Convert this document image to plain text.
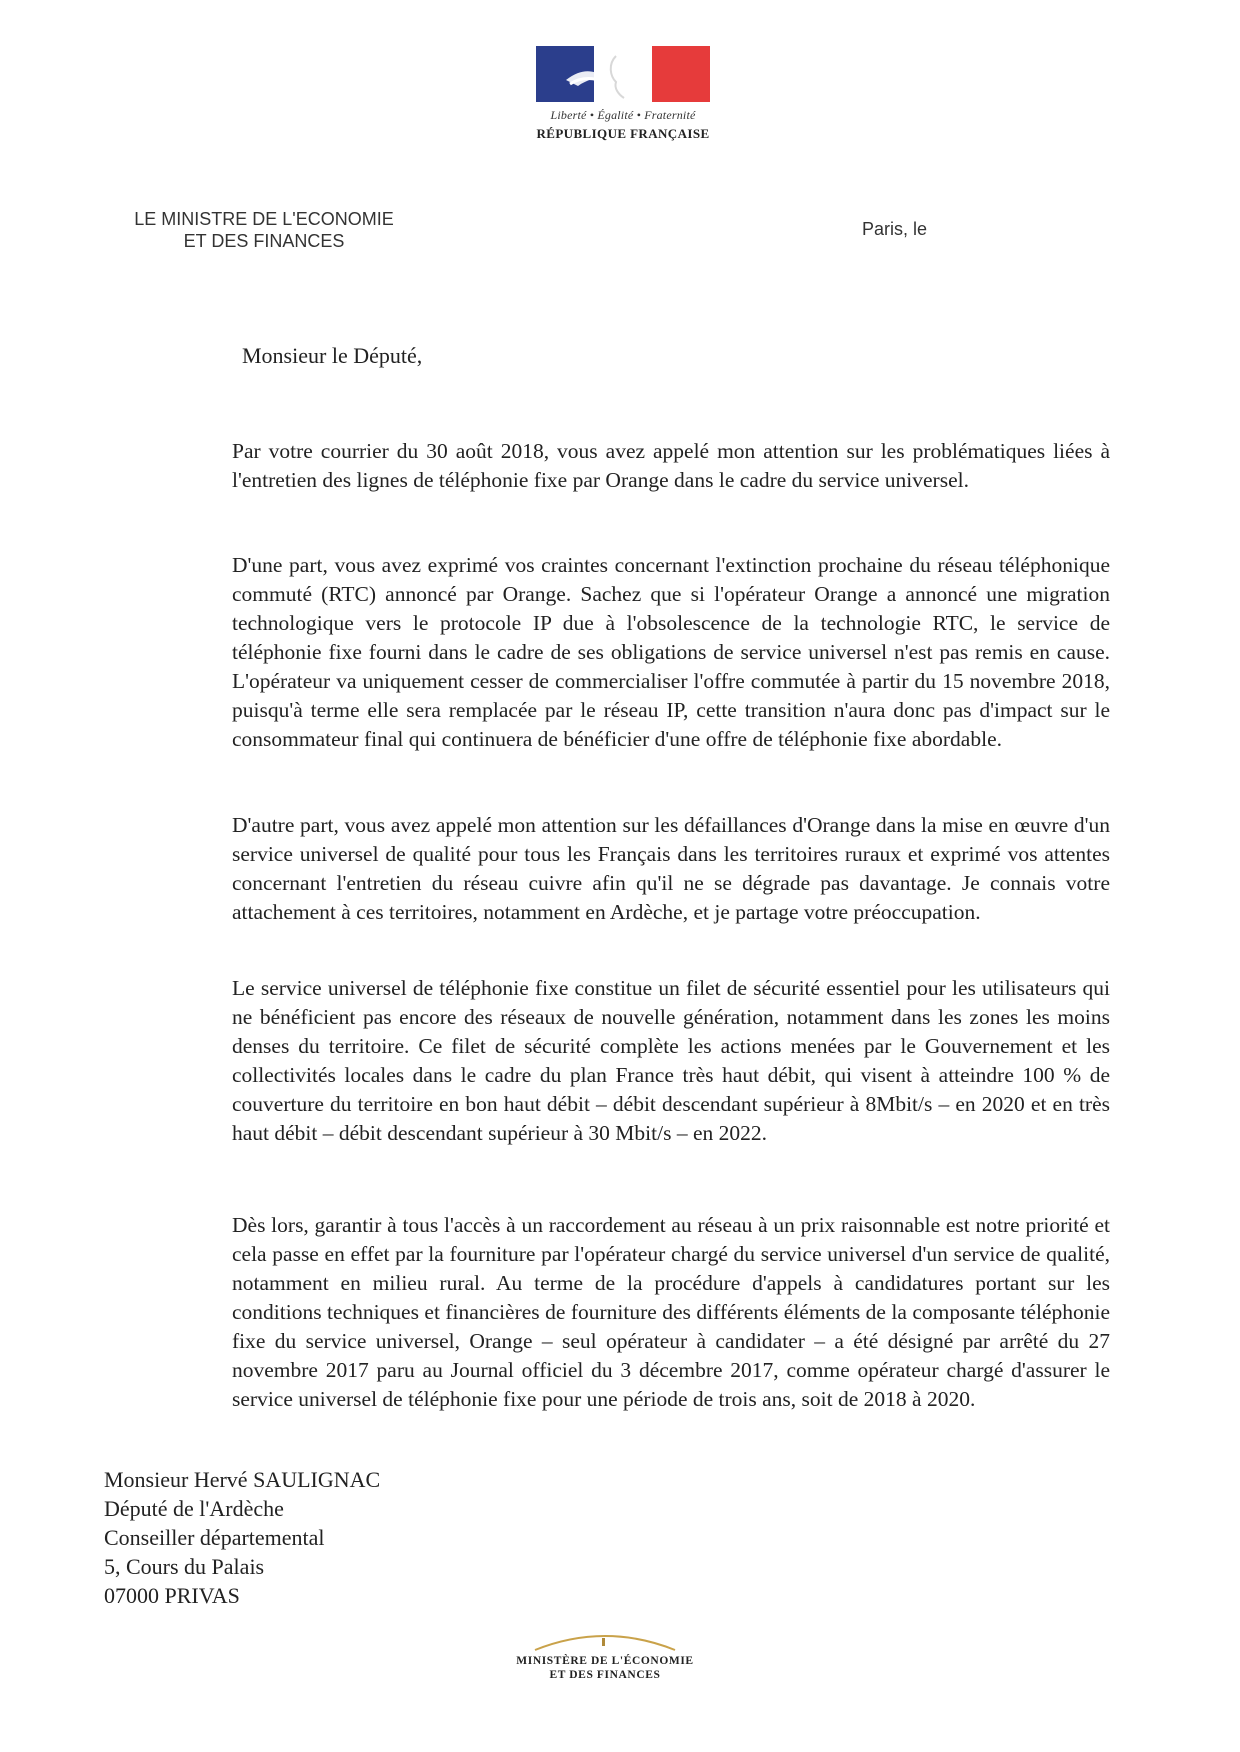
Liberté • Égalité • Fraternité
RÉPUBLIQUE FRANÇAISE
LE MINISTRE DE L'ECONOMIE
ET DES FINANCES
Paris, le
Monsieur le Député,
Par votre courrier du 30 août 2018, vous avez appelé mon attention sur les problématiques liées à l'entretien des lignes de téléphonie fixe par Orange dans le cadre du service universel.
D'une part, vous avez exprimé vos craintes concernant l'extinction prochaine du réseau téléphonique commuté (RTC) annoncé par Orange. Sachez que si l'opérateur Orange a annoncé une migration technologique vers le protocole IP due à l'obsolescence de la technologie RTC, le service de téléphonie fixe fourni dans le cadre de ses obligations de service universel n'est pas remis en cause. L'opérateur va uniquement cesser de commercialiser l'offre commutée à partir du 15 novembre 2018, puisqu'à terme elle sera remplacée par le réseau IP, cette transition n'aura donc pas d'impact sur le consommateur final qui continuera de bénéficier d'une offre de téléphonie fixe abordable.
D'autre part, vous avez appelé mon attention sur les défaillances d'Orange dans la mise en œuvre d'un service universel de qualité pour tous les Français dans les territoires ruraux et exprimé vos attentes concernant l'entretien du réseau cuivre afin qu'il ne se dégrade pas davantage. Je connais votre attachement à ces territoires, notamment en Ardèche, et je partage votre préoccupation.
Le service universel de téléphonie fixe constitue un filet de sécurité essentiel pour les utilisateurs qui ne bénéficient pas encore des réseaux de nouvelle génération, notamment dans les zones les moins denses du territoire. Ce filet de sécurité complète les actions menées par le Gouvernement et les collectivités locales dans le cadre du plan France très haut débit, qui visent à atteindre 100 % de couverture du territoire en bon haut débit – débit descendant supérieur à 8Mbit/s – en 2020 et en très haut débit – débit descendant supérieur à 30 Mbit/s – en 2022.
Dès lors, garantir à tous l'accès à un raccordement au réseau à un prix raisonnable est notre priorité et cela passe en effet par la fourniture par l'opérateur chargé du service universel d'un service de qualité, notamment en milieu rural. Au terme de la procédure d'appels à candidatures portant sur les conditions techniques et financières de fourniture des différents éléments de la composante téléphonie fixe du service universel, Orange – seul opérateur à candidater – a été désigné par arrêté du 27 novembre 2017 paru au Journal officiel du 3 décembre 2017, comme opérateur chargé d'assurer le service universel de téléphonie fixe pour une période de trois ans, soit de 2018 à 2020.
Monsieur Hervé SAULIGNAC
Député de l'Ardèche
Conseiller départemental
5, Cours du Palais
07000 PRIVAS
MINISTÈRE DE L'ÉCONOMIE
ET DES FINANCES
